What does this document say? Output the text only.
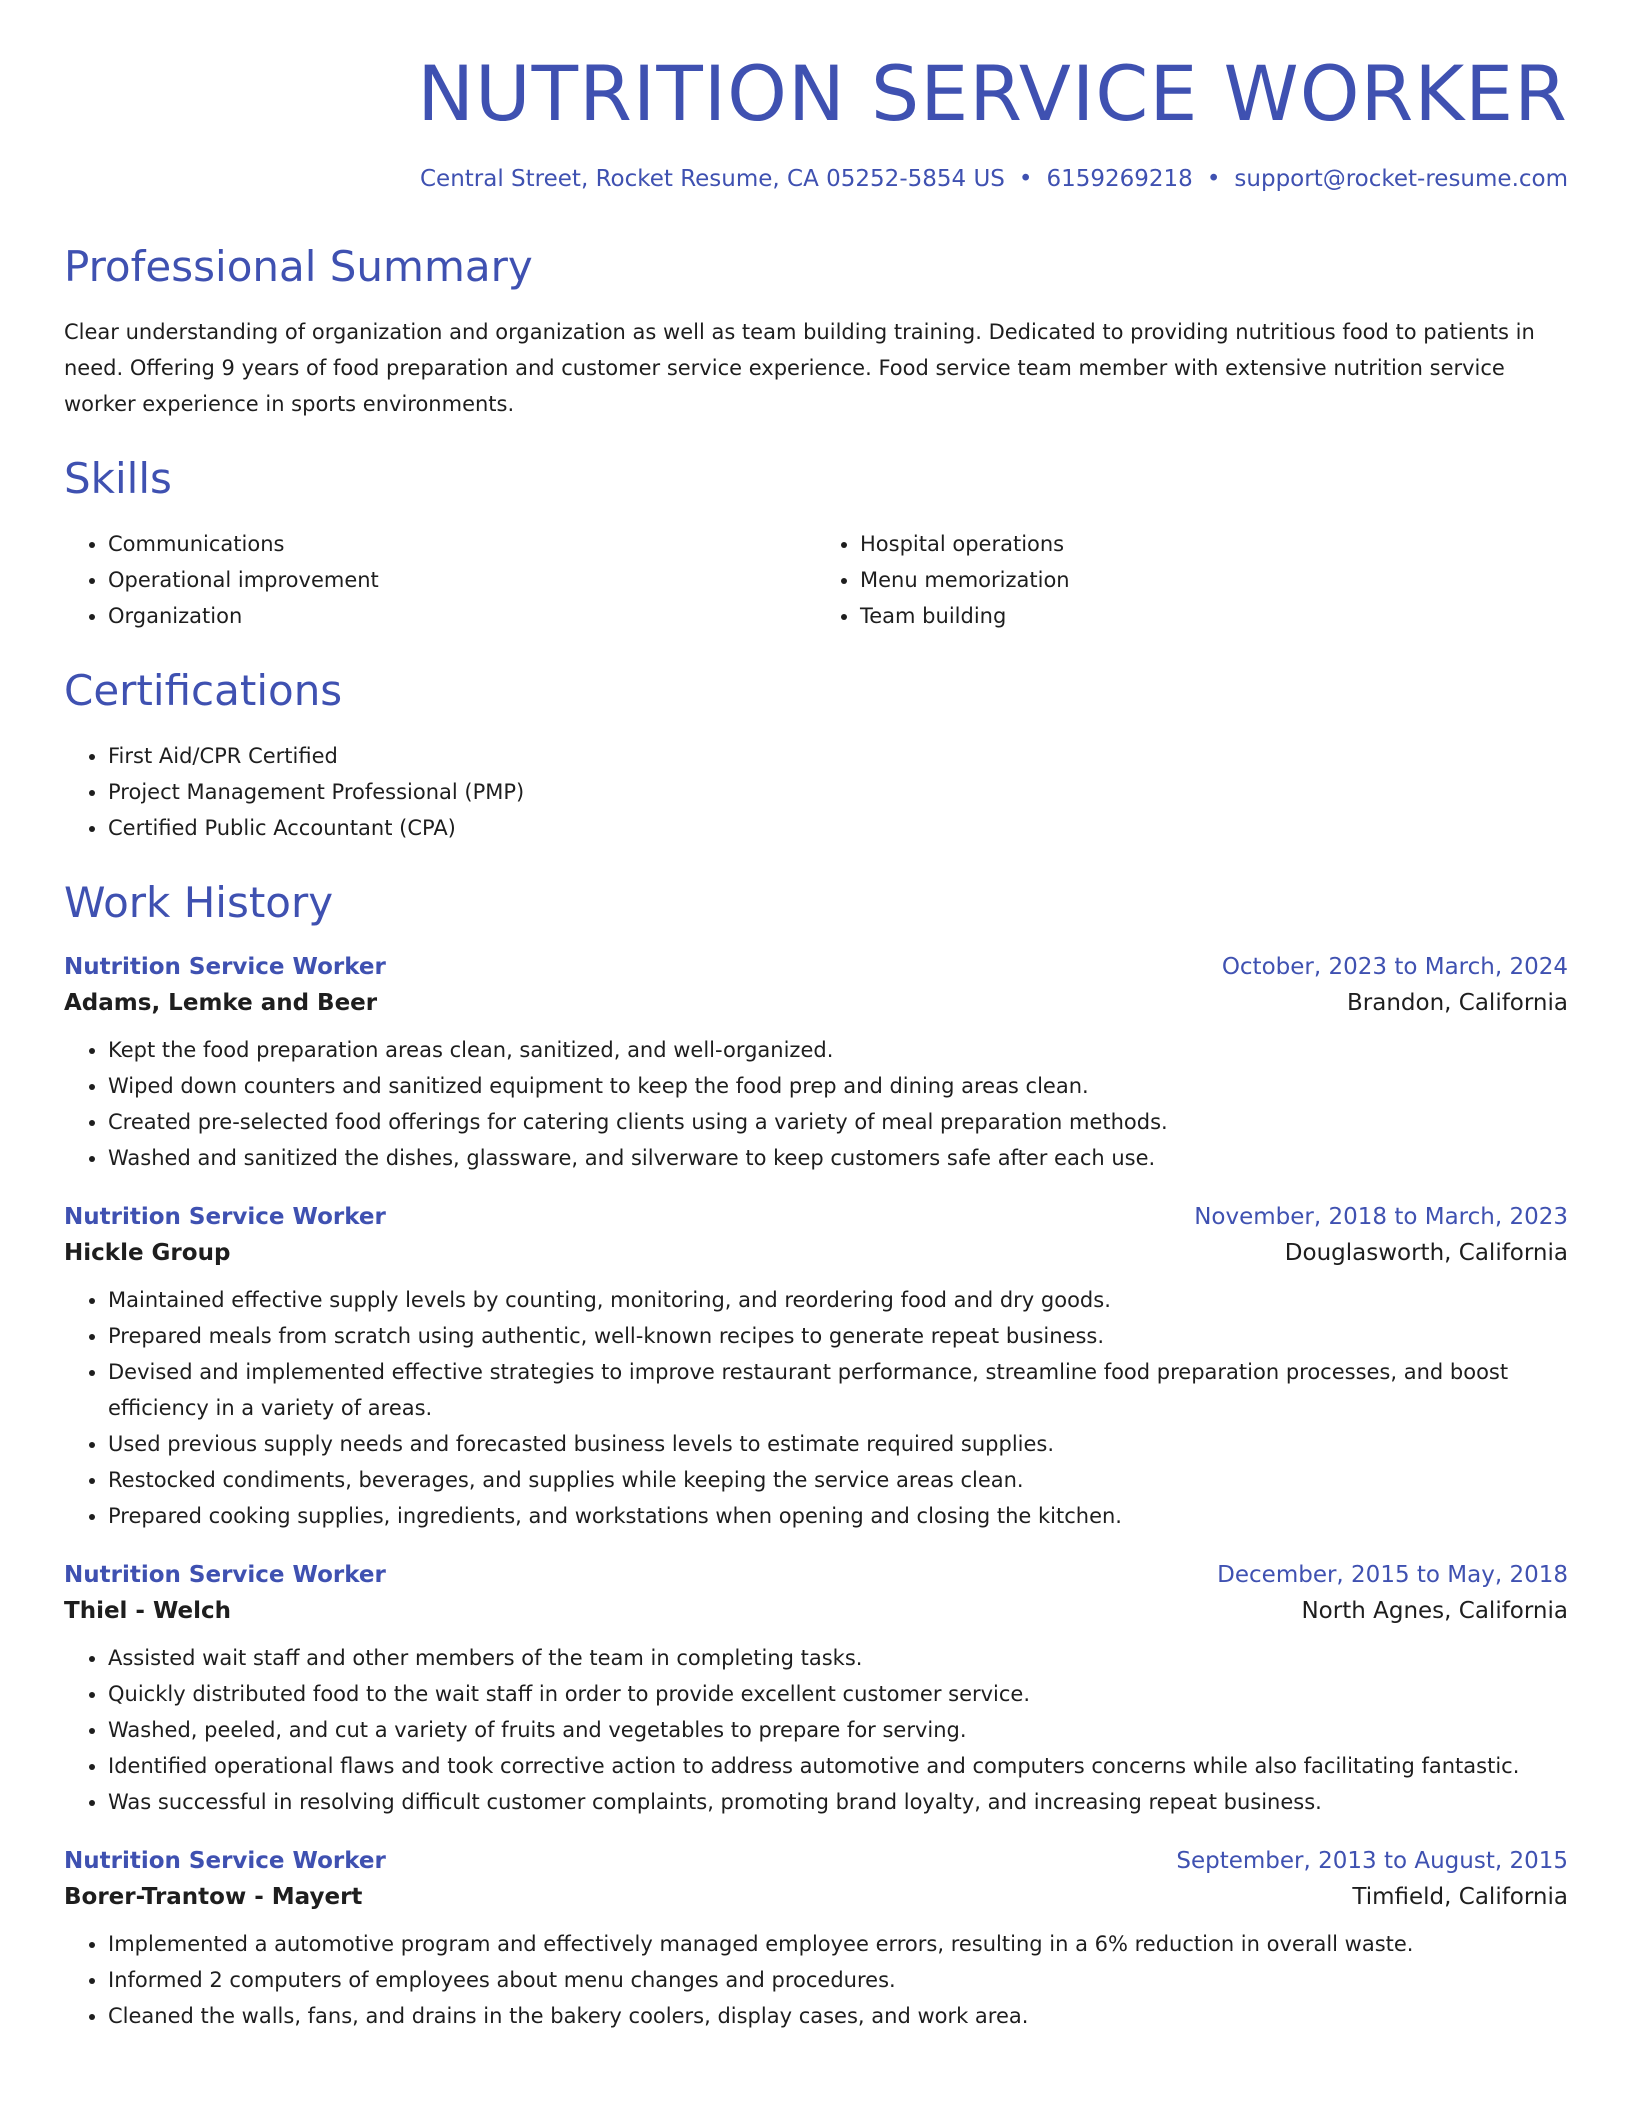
NUTRITION SERVICE WORKER
Central Street, Rocket Resume, CA 05252-5854 US • 6159269218 • support@rocket-resume.com
Professional Summary

Clear understanding of organization and organization as well as team building training. Dedicated to providing nutritious food to patients in need. Offering 9 years of food preparation and customer service experience. Food service team member with extensive nutrition service worker experience in sports environments.

Skills
• Communications
• Operational improvement
• Organization
• Hospital operations
• Menu memorization
• Team building
Certifications
• First Aid/CPR Certified
• Project Management Professional (PMP)
• Certified Public Accountant (CPA)
Work History
Nutrition Service Worker	October, 2023 to March, 2024
Adams, Lemke and Beer	Brandon, California
• Kept the food preparation areas clean, sanitized, and well-organized.
• Wiped down counters and sanitized equipment to keep the food prep and dining areas clean.
• Created pre-selected food offerings for catering clients using a variety of meal preparation methods.
• Washed and sanitized the dishes, glassware, and silverware to keep customers safe after each use.
Nutrition Service Worker	November, 2018 to March, 2023
Hickle Group	Douglasworth, California
• Maintained effective supply levels by counting, monitoring, and reordering food and dry goods.
• Prepared meals from scratch using authentic, well-known recipes to generate repeat business.
• Devised and implemented effective strategies to improve restaurant performance, streamline food preparation processes, and boost efficiency in a variety of areas.
• Used previous supply needs and forecasted business levels to estimate required supplies.
• Restocked condiments, beverages, and supplies while keeping the service areas clean.
• Prepared cooking supplies, ingredients, and workstations when opening and closing the kitchen.
Nutrition Service Worker	December, 2015 to May, 2018
Thiel - Welch	North Agnes, California
• Assisted wait staff and other members of the team in completing tasks.
• Quickly distributed food to the wait staff in order to provide excellent customer service.
• Washed, peeled, and cut a variety of fruits and vegetables to prepare for serving.
• Identified operational flaws and took corrective action to address automotive and computers concerns while also facilitating fantastic.
• Was successful in resolving difficult customer complaints, promoting brand loyalty, and increasing repeat business.
Nutrition Service Worker	September, 2013 to August, 2015
Borer-Trantow - Mayert	Timfield, California
• Implemented a automotive program and effectively managed employee errors, resulting in a 6% reduction in overall waste.
• Informed 2 computers of employees about menu changes and procedures.
• Cleaned the walls, fans, and drains in the bakery coolers, display cases, and work area.
